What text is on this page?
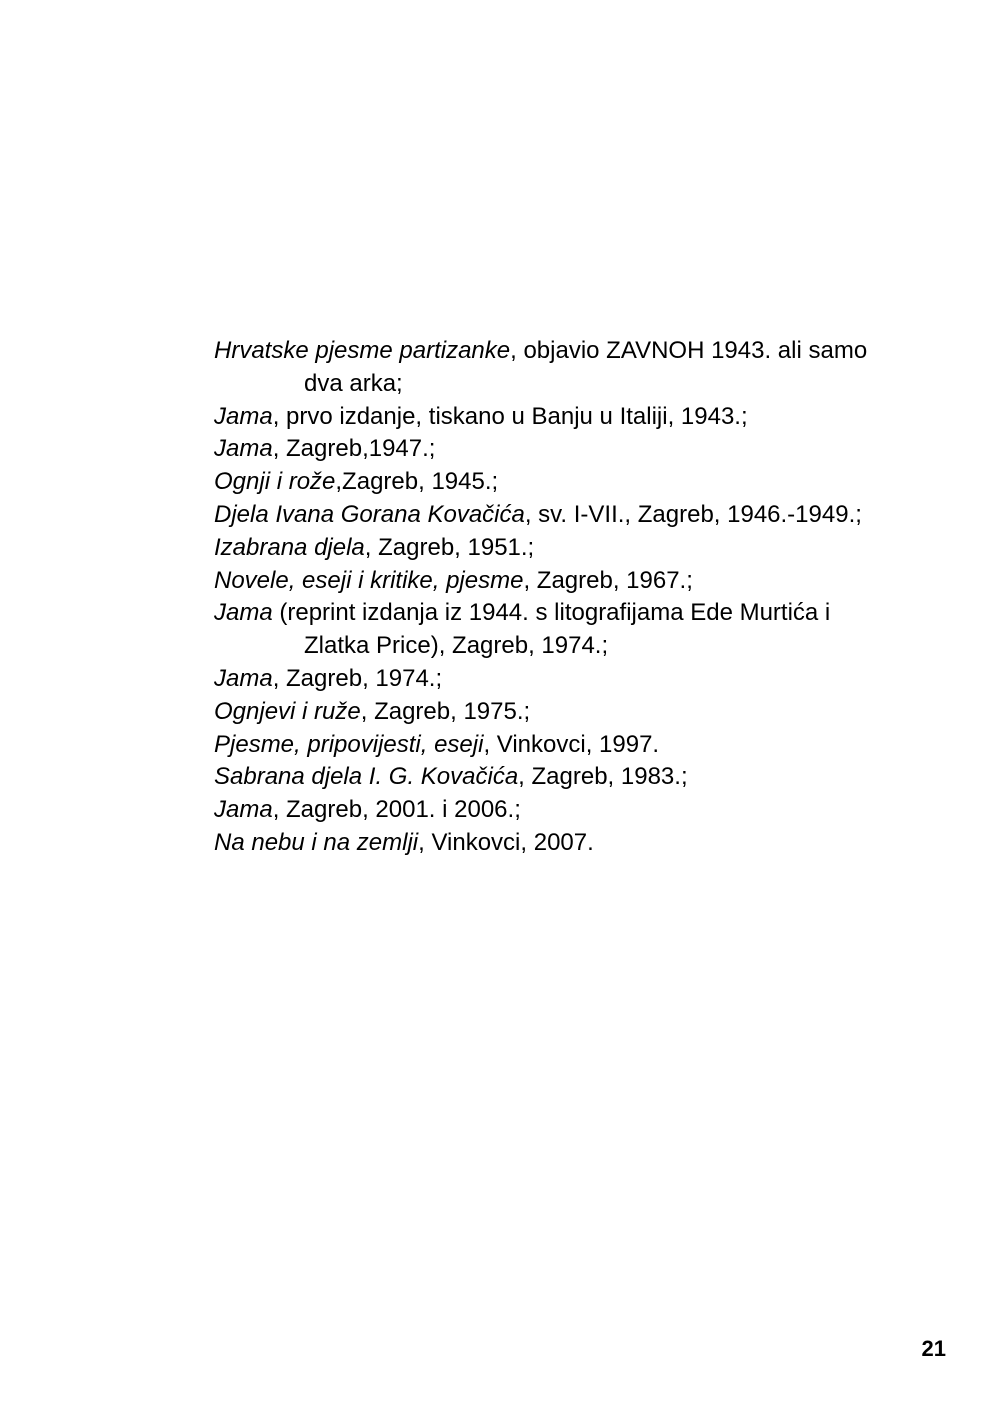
Hrvatske pjesme partizanke, objavio ZAVNOH 1943. ali samo dva arka;
Jama, prvo izdanje, tiskano u Banju u Italiji, 1943.;
Jama, Zagreb,1947.;
Ognji i rože,Zagreb, 1945.;
Djela Ivana Gorana Kovačića, sv. I-VII., Zagreb, 1946.-1949.;
Izabrana djela, Zagreb, 1951.;
Novele, eseji i kritike, pjesme, Zagreb, 1967.;
Jama (reprint izdanja iz 1944. s litografijama Ede Murtića i Zlatka Price), Zagreb, 1974.;
Jama, Zagreb, 1974.;
Ognjevi i ruže, Zagreb, 1975.;
Pjesme, pripovijesti, eseji, Vinkovci, 1997.
Sabrana djela I. G. Kovačića, Zagreb, 1983.;
Jama, Zagreb, 2001. i 2006.;
Na nebu i na zemlji, Vinkovci, 2007.

21
